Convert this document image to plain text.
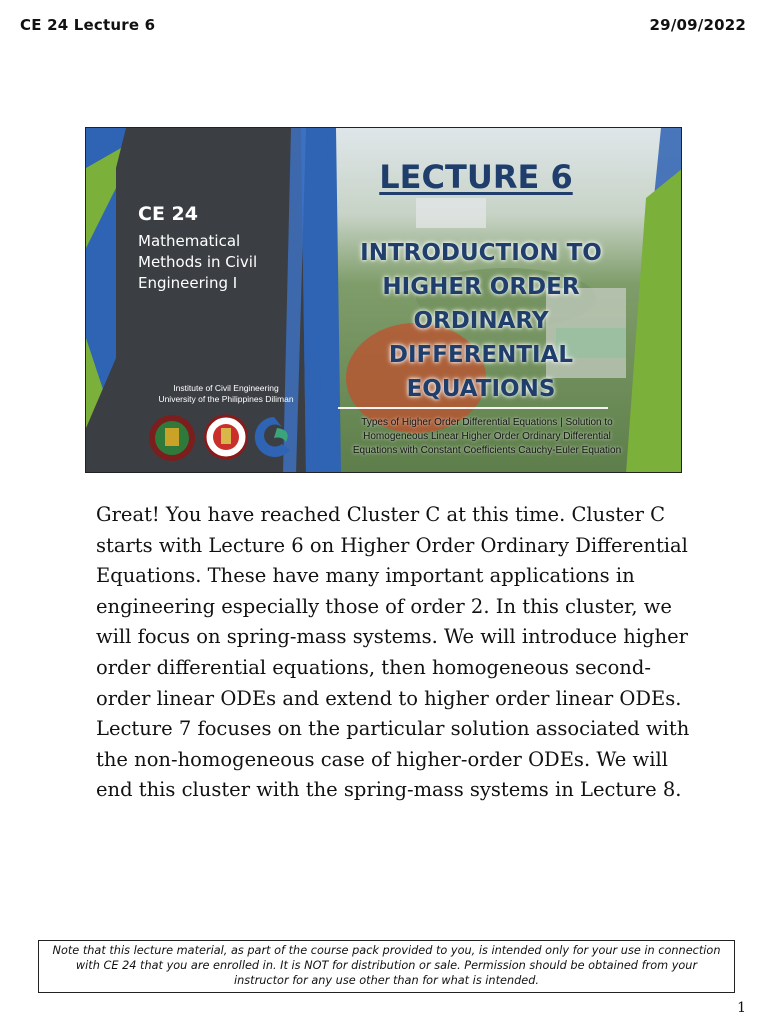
CE 24 Lecture 6	29/09/2022
CE 24
Mathematical Methods in Civil Engineering I
Institute of Civil Engineering
University of the Philippines Diliman
LECTURE 6
INTRODUCTION TO HIGHER ORDER ORDINARY DIFFERENTIAL EQUATIONS
Types of Higher Order Differential Equations | Solution to Homogeneous Linear Higher Order Ordinary Differential Equations with Constant Coefficients Cauchy-Euler Equation

Great! You have reached Cluster C at this time. Cluster C starts with Lecture 6 on Higher Order Ordinary Differential Equations. These have many important applications in engineering especially those of order 2. In this cluster, we will focus on spring-mass systems. We will introduce higher order differential equations, then homogeneous second-order linear ODEs and extend to higher order linear ODEs. Lecture 7 focuses on the particular solution associated with the non-homogeneous case of higher-order ODEs. We will end this cluster with the spring-mass systems in Lecture 8.

Note that this lecture material, as part of the course pack provided to you, is intended only for your use in connection with CE 24 that you are enrolled in. It is NOT for distribution or sale. Permission should be obtained from your instructor for any use other than for what is intended.
1
